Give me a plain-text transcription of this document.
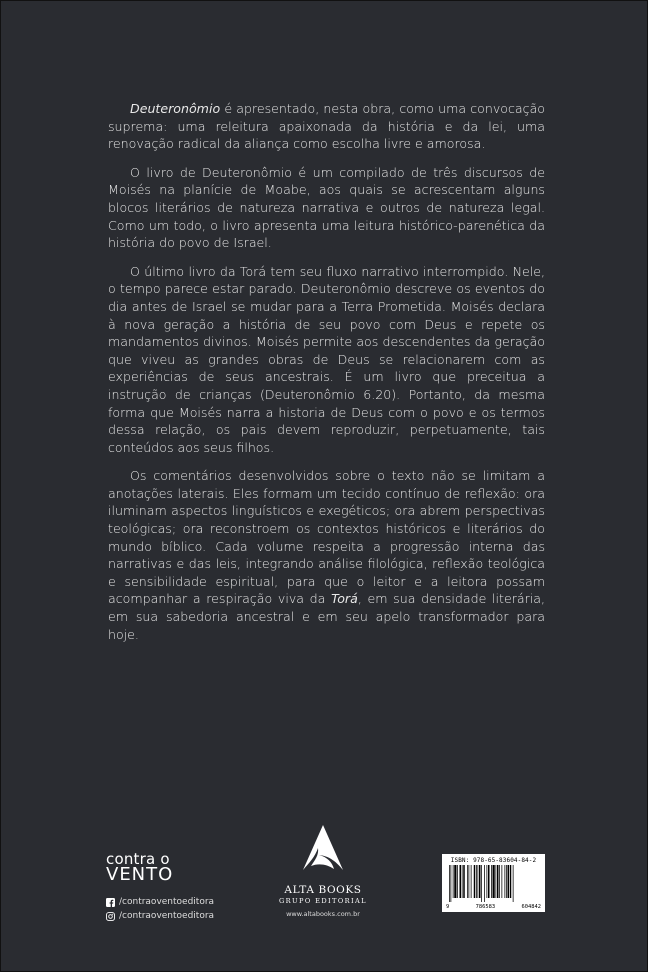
Deuteronômio é apresentado, nesta obra, como uma convocação suprema: uma releitura apaixonada da história e da lei, uma renovação radical da aliança como escolha livre e amorosa.

O livro de Deuteronômio é um compilado de três discursos de Moisés na planície de Moabe, aos quais se acrescentam alguns blocos literários de natureza narrativa e outros de natureza legal. Como um todo, o livro apresenta uma leitura histórico-parenética da história do povo de Israel.

O último livro da Torá tem seu fluxo narrativo interrompido. Nele, o tempo parece estar parado. Deuteronômio descreve os eventos do dia antes de Israel se mudar para a Terra Prometida. Moisés declara à nova geração a história de seu povo com Deus e repete os mandamentos divinos. Moisés permite aos descendentes da geração que viveu as grandes obras de Deus se relacionarem com as experiências de seus ancestrais. É um livro que preceitua a instrução de crianças (Deuteronômio 6.20). Portanto, da mesma forma que Moisés narra a historia de Deus com o povo e os termos dessa relação, os pais devem reproduzir, perpetuamente, tais conteúdos aos seus filhos.

Os comentários desenvolvidos sobre o texto não se limitam a anotações laterais. Eles formam um tecido contínuo de reflexão: ora iluminam aspectos linguísticos e exegéticos; ora abrem perspectivas teológicas; ora reconstroem os contextos históricos e literários do mundo bíblico. Cada volume respeita a progressão interna das narrativas e das leis, integrando análise filológica, reflexão teológica e sensibilidade espiritual, para que o leitor e a leitora possam acompanhar a respiração viva da Torá, em sua densidade literária, em sua sabedoria ancestral e em seu apelo transformador para hoje.

contra o
VENTO
/contraoventoeditora
/contraoventoeditora
ALTA BOOKS
GRUPO EDITORIAL
www.altabooks.com.br
ISBN: 978-65-83604-84-2
9	786583	604842
